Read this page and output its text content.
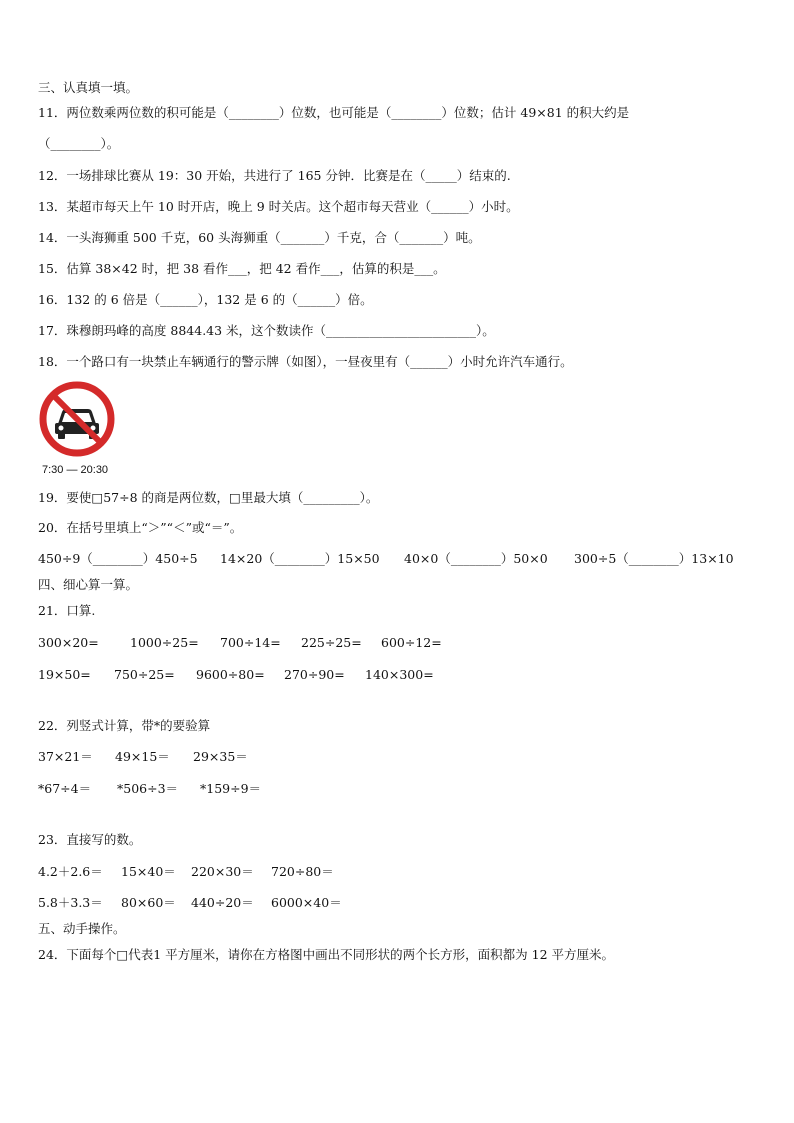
三、认真填一填。
11．两位数乘两位数的积可能是（________）位数，也可能是（________）位数；估计 49×81 的积大约是
（________）。
12．一场排球比赛从 19：30 开始，共进行了 165 分钟．比赛是在（_____）结束的.
13．某超市每天上午 10 时开店，晚上 9 时关店。这个超市每天营业（______）小时。
14．一头海狮重 500 千克，60 头海狮重（_______）千克，合（_______）吨。
15．估算 38×42 时，把 38 看作___，把 42 看作___，估算的积是___。
16．132 的 6 倍是（______），132 是 6 的（______）倍。
17．珠穆朗玛峰的高度 8844.43 米，这个数读作（________________________）。
18．一个路口有一块禁止车辆通行的警示牌（如图），一昼夜里有（______）小时允许汽车通行。
7:30 — 20:30
19．要使□57÷8 的商是两位数，□里最大填（_________）。
20．在括号里填上“＞”“＜”或“＝”。
450÷9（________）450÷5 14×20（________）15×50 40×0（________）50×0 300÷5（________）13×10
四、细心算一算。
21．口算.
300×20=	1000÷25= 700÷14= 225÷25= 600÷12=
19×50= 750÷25= 9600÷80= 270÷90= 140×300=
22．列竖式计算，带*的要验算
37×21＝ 49×15＝ 29×35＝
*67÷4＝ *506÷3＝ *159÷9＝
23．直接写的数。
4.2＋2.6＝ 15×40＝ 220×30＝ 720÷80＝
5.8＋3.3＝ 80×60＝ 440÷20＝ 6000×40＝
五、动手操作。
24．下面每个□代表1 平方厘米，请你在方格图中画出不同形状的两个长方形，面积都为 12 平方厘米。
